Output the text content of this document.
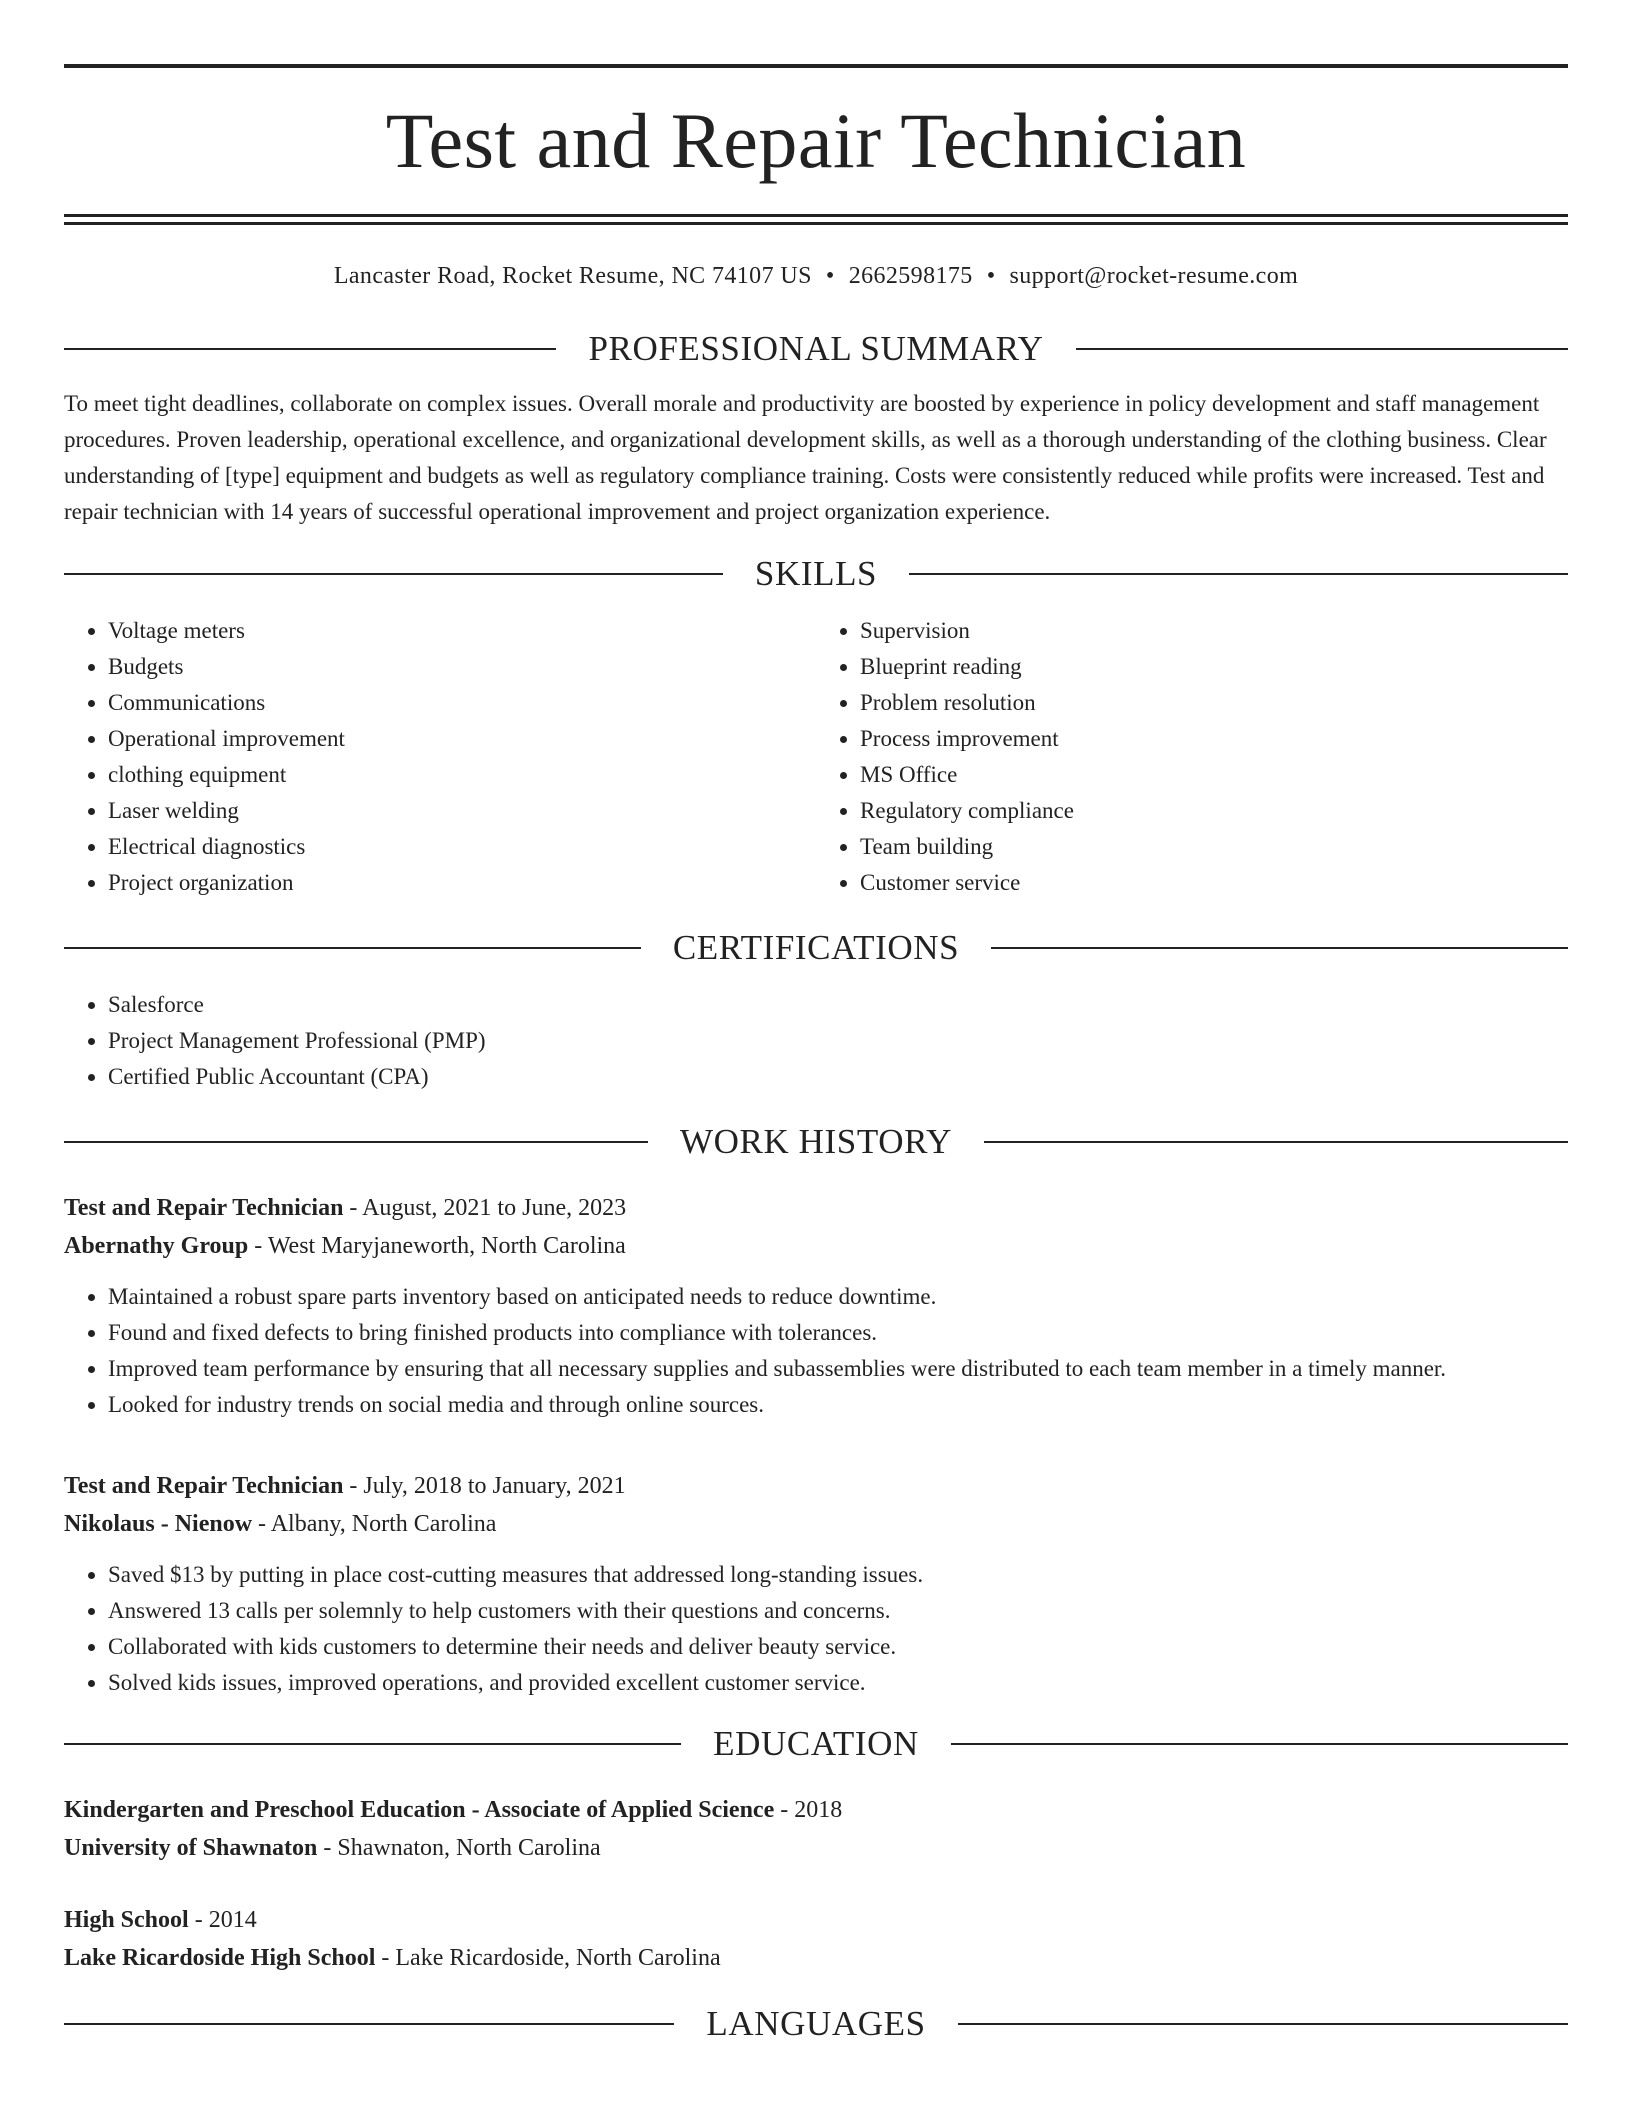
Test and Repair Technician
Lancaster Road, Rocket Resume, NC 74107 US • 2662598175 • support@rocket-resume.com
PROFESSIONAL SUMMARY

To meet tight deadlines, collaborate on complex issues. Overall morale and productivity are boosted by experience in policy development and staff management procedures. Proven leadership, operational excellence, and organizational development skills, as well as a thorough understanding of the clothing business. Clear understanding of [type] equipment and budgets as well as regulatory compliance training. Costs were consistently reduced while profits were increased. Test and repair technician with 14 years of successful operational improvement and project organization experience.

SKILLS
• Voltage meters
• Budgets
• Communications
• Operational improvement
• clothing equipment
• Laser welding
• Electrical diagnostics
• Project organization
• Supervision
• Blueprint reading
• Problem resolution
• Process improvement
• MS Office
• Regulatory compliance
• Team building
• Customer service
CERTIFICATIONS
• Salesforce
• Project Management Professional (PMP)
• Certified Public Accountant (CPA)
WORK HISTORY
Test and Repair Technician - August, 2021 to June, 2023
Abernathy Group - West Maryjaneworth, North Carolina
• Maintained a robust spare parts inventory based on anticipated needs to reduce downtime.
• Found and fixed defects to bring finished products into compliance with tolerances.
• Improved team performance by ensuring that all necessary supplies and subassemblies were distributed to each team member in a timely manner.
• Looked for industry trends on social media and through online sources.
Test and Repair Technician - July, 2018 to January, 2021
Nikolaus - Nienow - Albany, North Carolina
• Saved $13 by putting in place cost-cutting measures that addressed long-standing issues.
• Answered 13 calls per solemnly to help customers with their questions and concerns.
• Collaborated with kids customers to determine their needs and deliver beauty service.
• Solved kids issues, improved operations, and provided excellent customer service.
EDUCATION
Kindergarten and Preschool Education - Associate of Applied Science - 2018
University of Shawnaton - Shawnaton, North Carolina
High School - 2014
Lake Ricardoside High School - Lake Ricardoside, North Carolina
LANGUAGES
